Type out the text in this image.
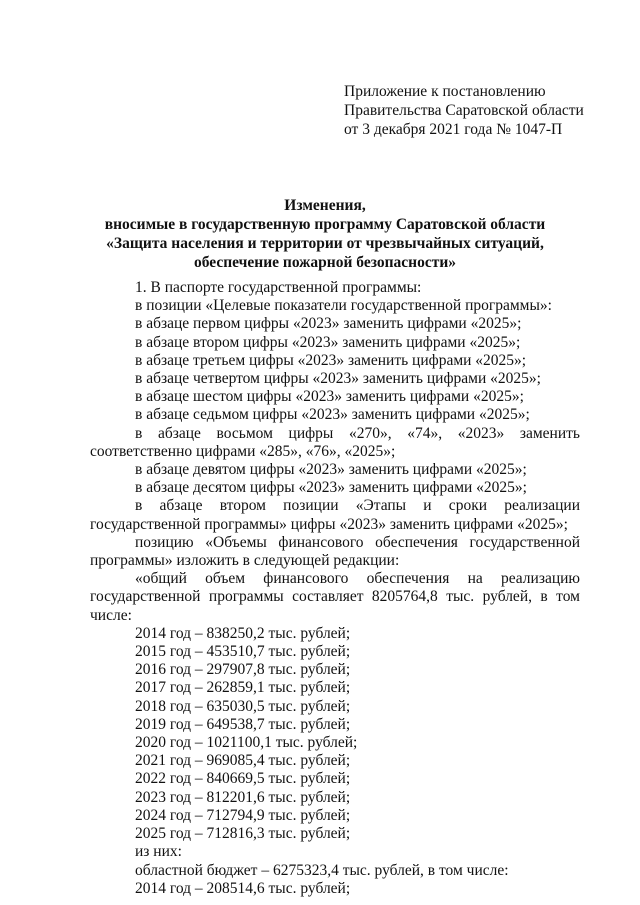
Приложение к постановлению
Правительства Саратовской области
от 3 декабря 2021 года № 1047-П
Изменения,
вносимые в государственную программу Саратовской области
«Защита населения и территории от чрезвычайных ситуаций,
обеспечение пожарной безопасности»

1. В паспорте государственной программы:

в позиции «Целевые показатели государственной программы»:

в абзаце первом цифры «2023» заменить цифрами «2025»;

в абзаце втором цифры «2023» заменить цифрами «2025»;

в абзаце третьем цифры «2023» заменить цифрами «2025»;

в абзаце четвертом цифры «2023» заменить цифрами «2025»;

в абзаце шестом цифры «2023» заменить цифрами «2025»;

в абзаце седьмом цифры «2023» заменить цифрами «2025»;

в абзаце восьмом цифры «270», «74», «2023» заменить соответственно цифрами «285», «76», «2025»;

в абзаце девятом цифры «2023» заменить цифрами «2025»;

в абзаце десятом цифры «2023» заменить цифрами «2025»;

в абзаце втором позиции «Этапы и сроки реализации государственной программы» цифры «2023» заменить цифрами «2025»;

позицию «Объемы финансового обеспечения государственной программы» изложить в следующей редакции:

«общий объем финансового обеспечения на реализацию государственной программы составляет 8205764,8 тыс. рублей, в том числе:

2014 год – 838250,2 тыс. рублей;

2015 год – 453510,7 тыс. рублей;

2016 год – 297907,8 тыс. рублей;

2017 год – 262859,1 тыс. рублей;

2018 год – 635030,5 тыс. рублей;

2019 год – 649538,7 тыс. рублей;

2020 год – 1021100,1 тыс. рублей;

2021 год – 969085,4 тыс. рублей;

2022 год – 840669,5 тыс. рублей;

2023 год – 812201,6 тыс. рублей;

2024 год – 712794,9 тыс. рублей;

2025 год – 712816,3 тыс. рублей;

из них:

областной бюджет – 6275323,4 тыс. рублей, в том числе:

2014 год – 208514,6 тыс. рублей;
